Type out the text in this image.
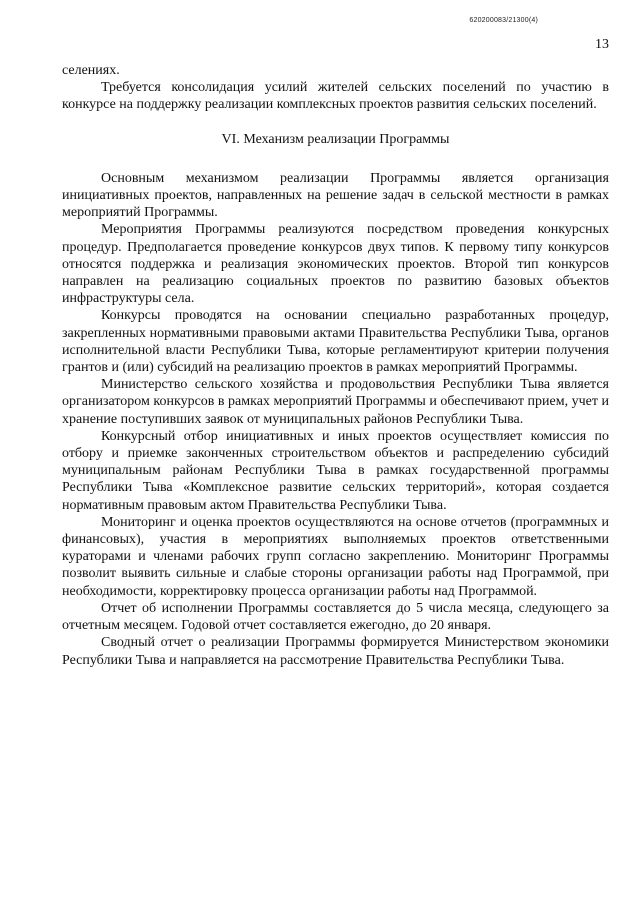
620200083/21300(4)
13

селениях.

Требуется консолидация усилий жителей сельских поселений по участию в конкурсе на поддержку реализации комплексных проектов развития сельских поселений.

VI. Механизм реализации Программы

Основным механизмом реализации Программы является организация инициативных проектов, направленных на решение задач в сельской местности в рамках мероприятий Программы.

Мероприятия Программы реализуются посредством проведения конкурсных процедур. Предполагается проведение конкурсов двух типов. К первому типу конкурсов относятся поддержка и реализация экономических проектов. Второй тип конкурсов направлен на реализацию социальных проектов по развитию базовых объектов инфраструктуры села.

Конкурсы проводятся на основании специально разработанных процедур, закрепленных нормативными правовыми актами Правительства Республики Тыва, органов исполнительной власти Республики Тыва, которые регламентируют критерии получения грантов и (или) субсидий на реализацию проектов в рамках мероприятий Программы.

Министерство сельского хозяйства и продовольствия Республики Тыва является организатором конкурсов в рамках мероприятий Программы и обеспечивают прием, учет и хранение поступивших заявок от муниципальных районов Республики Тыва.

Конкурсный отбор инициативных и иных проектов осуществляет комиссия по отбору и приемке законченных строительством объектов и распределению субсидий муниципальным районам Республики Тыва в рамках государственной программы Республики Тыва «Комплексное развитие сельских территорий», которая создается нормативным правовым актом Правительства Республики Тыва.

Мониторинг и оценка проектов осуществляются на основе отчетов (программных и финансовых), участия в мероприятиях выполняемых проектов ответственными кураторами и членами рабочих групп согласно закреплению. Мониторинг Программы позволит выявить сильные и слабые стороны организации работы над Программой, при необходимости, корректировку процесса организации работы над Программой.

Отчет об исполнении Программы составляется до 5 числа месяца, следующего за отчетным месяцем. Годовой отчет составляется ежегодно, до 20 января.

Сводный отчет о реализации Программы формируется Министерством экономики Республики Тыва и направляется на рассмотрение Правительства Республики Тыва.
